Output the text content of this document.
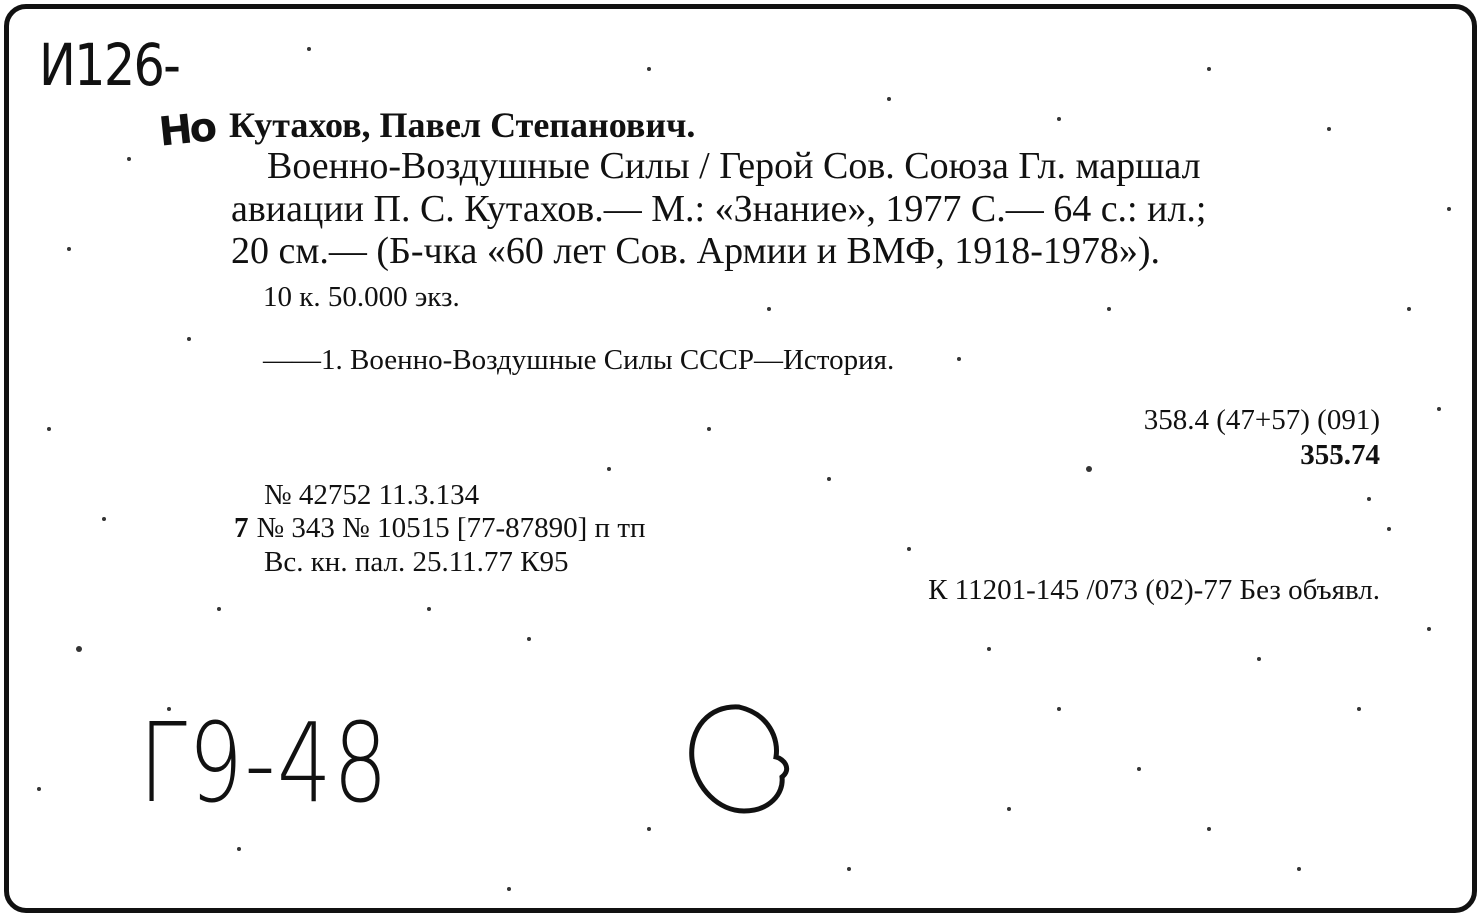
И126-
Но Кутахов, Павел Степанович.
Военно-Воздушные Силы / Герой Сов. Союза Гл. маршал
авиации П. С. Кутахов.— М.: «Знание», 1977 С.— 64 с.: ил.;
20 см.— (Б-чка «60 лет Сов. Армии и ВМФ, 1918-1978»).
10 к. 50.000 экз.
——1. Военно-Воздушные Силы СССР—История.
358.4 (47+57) (091)
355.74
№ 42752 11.3.134
7 № 343 № 10515 [77-87890] п тп
Вс. кн. пал. 25.11.77 К95
К 11201-145 /073 (02)-77 Без объявл.
Г9-48
